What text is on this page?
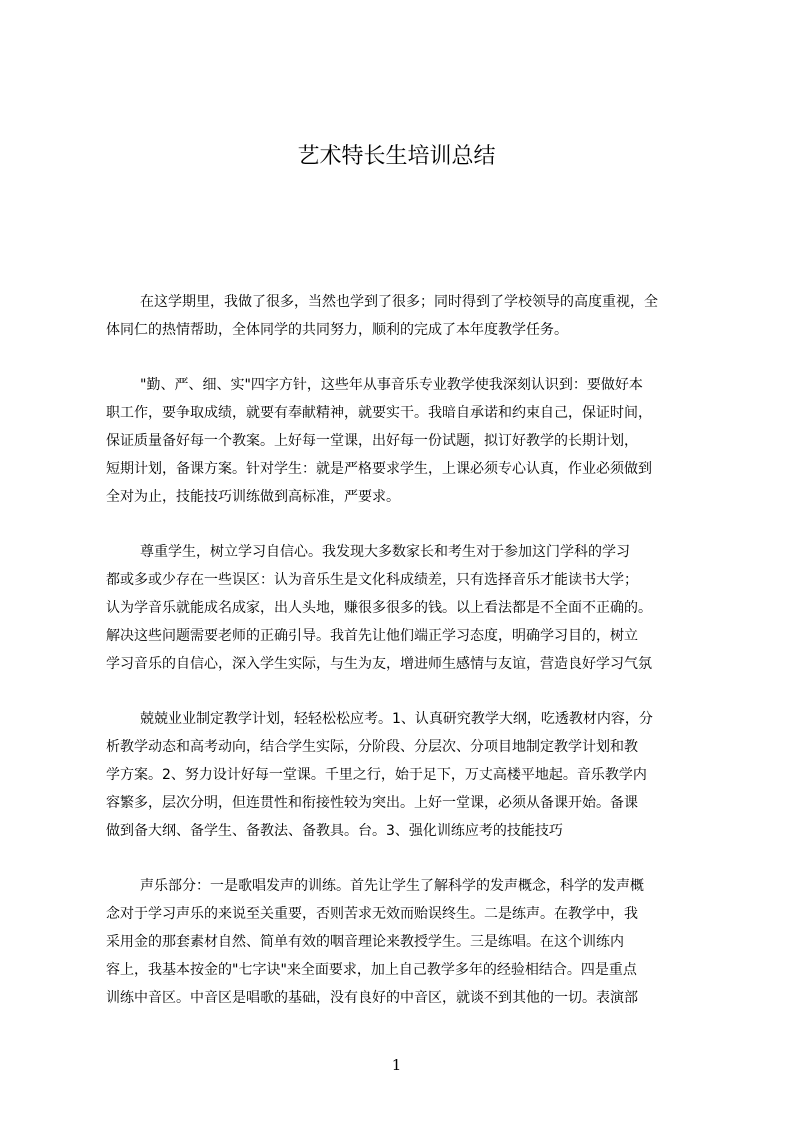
艺术特长生培训总结
在这学期里，我做了很多，当然也学到了很多；同时得到了学校领导的高度重视，全
体同仁的热情帮助，全体同学的共同努力，顺利的完成了本年度教学任务。
"勤、严、细、实"四字方针，这些年从事音乐专业教学使我深刻认识到：要做好本
职工作，要争取成绩，就要有奉献精神，就要实干。我暗自承诺和约束自己，保证时间，
保证质量备好每一个教案。上好每一堂课，出好每一份试题，拟订好教学的长期计划，
短期计划，备课方案。针对学生：就是严格要求学生，上课必须专心认真，作业必须做到
全对为止，技能技巧训练做到高标准，严要求。
尊重学生，树立学习自信心。我发现大多数家长和考生对于参加这门学科的学习
都或多或少存在一些误区：认为音乐生是文化科成绩差，只有选择音乐才能读书大学；
认为学音乐就能成名成家，出人头地，赚很多很多的钱。以上看法都是不全面不正确的。
解决这些问题需要老师的正确引导。我首先让他们端正学习态度，明确学习目的，树立
学习音乐的自信心，深入学生实际，与生为友，增进师生感情与友谊，营造良好学习气氛
兢兢业业制定教学计划，轻轻松松应考。1、认真研究教学大纲，吃透教材内容，分
析教学动态和高考动向，结合学生实际，分阶段、分层次、分项目地制定教学计划和教
学方案。2、努力设计好每一堂课。千里之行，始于足下，万丈高楼平地起。音乐教学内
容繁多，层次分明，但连贯性和衔接性较为突出。上好一堂课，必须从备课开始。备课
做到备大纲、备学生、备教法、备教具。台。3、强化训练应考的技能技巧
声乐部分：一是歌唱发声的训练。首先让学生了解科学的发声概念，科学的发声概
念对于学习声乐的来说至关重要，否则苦求无效而贻误终生。二是练声。在教学中，我
采用金的那套素材自然、简单有效的咽音理论来教授学生。三是练唱。在这个训练内
容上，我基本按金的"七字诀"来全面要求，加上自己教学多年的经验相结合。四是重点
训练中音区。中音区是唱歌的基础，没有良好的中音区，就谈不到其他的一切。表演部
1
